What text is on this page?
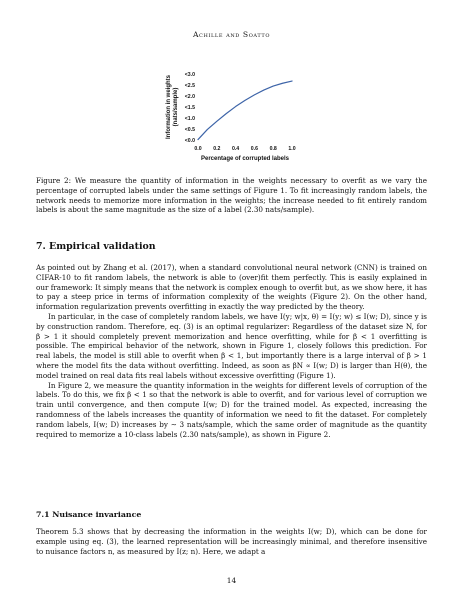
Achille and Soatto
<0.0
<0.5
<1.0
<1.5
<2.0
<2.5
<3.0
0.0 0.2 0.4 0.6 0.8 1.0
Percentage of corrupted labels
Information in weights (nats/sample)

Figure 2: We measure the quantity of information in the weights necessary to overfit as we vary the percentage of corrupted labels under the same settings of Figure 1. To fit increasingly random labels, the network needs to memorize more information in the weights; the increase needed to fit entirely random labels is about the same magnitude as the size of a label (2.30 nats/sample).

7. Empirical validation

As pointed out by Zhang et al. (2017), when a standard convolutional neural network (CNN) is trained on CIFAR-10 to fit random labels, the network is able to (over)fit them perfectly. This is easily explained in our framework: It simply means that the network is complex enough to overfit but, as we show here, it has to pay a steep price in terms of information complexity of the weights (Figure 2). On the other hand, information regularization prevents overfitting in exactly the way predicted by the theory.

In particular, in the case of completely random labels, we have I(y; w|x, θ) = I(y; w) ≤ I(w; D), since y is by construction random. Therefore, eq. (3) is an optimal regularizer: Regardless of the dataset size N, for β > 1 it should completely prevent memorization and hence overfitting, while for β < 1 overfitting is possible. The empirical behavior of the network, shown in Figure 1, closely follows this prediction. For real labels, the model is still able to overfit when β < 1, but importantly there is a large interval of β > 1 where the model fits the data without overfitting. Indeed, as soon as βN ∝ I(w; D) is larger than H(θ), the model trained on real data fits real labels without excessive overfitting (Figure 1).

In Figure 2, we measure the quantity information in the weights for different levels of corruption of the labels. To do this, we fix β < 1 so that the network is able to overfit, and for various level of corruption we train until convergence, and then compute I(w; D) for the trained model. As expected, increasing the randomness of the labels increases the quantity of information we need to fit the dataset. For completely random labels, I(w; D) increases by ∼ 3 nats/sample, which the same order of magnitude as the quantity required to memorize a 10-class labels (2.30 nats/sample), as shown in Figure 2.

7.1 Nuisance invariance

Theorem 5.3 shows that by decreasing the information in the weights I(w; D), which can be done for example using eq. (3), the learned representation will be increasingly minimal, and therefore insensitive to nuisance factors n, as measured by I(z; n). Here, we adapt a

14
